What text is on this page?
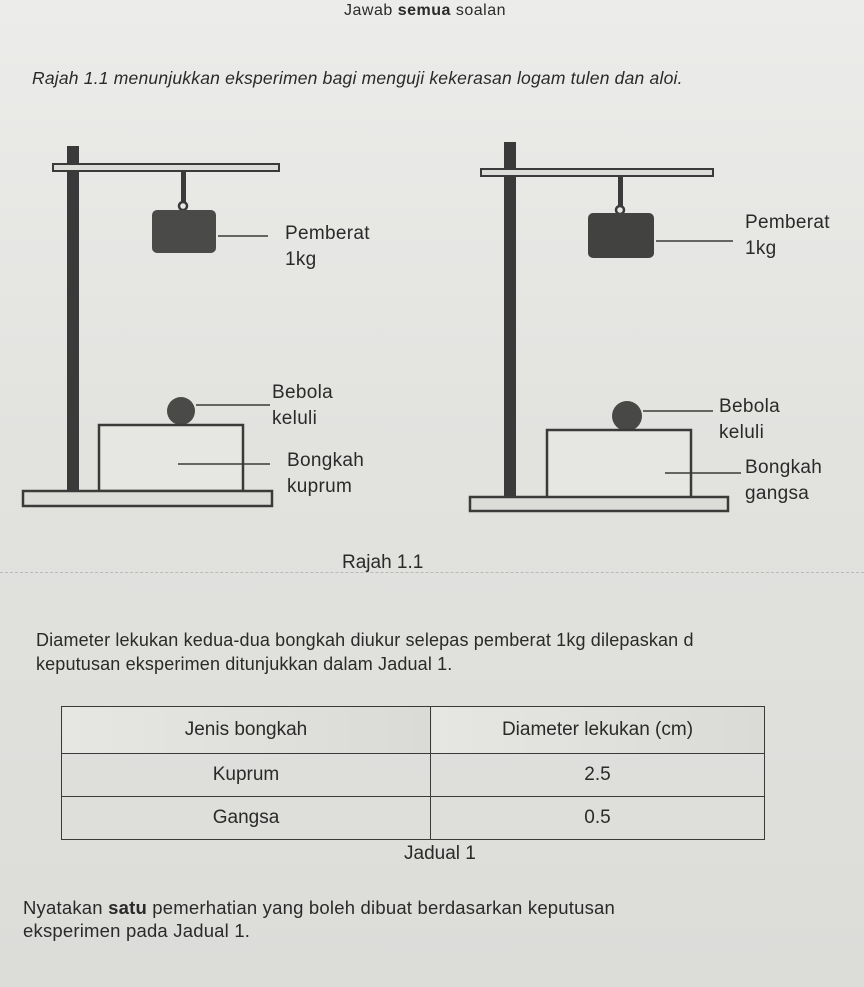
Jawab semua soalan
Rajah 1.1 menunjukkan eksperimen bagi menguji kekerasan logam tulen dan aloi.
Pemberat
1kg
Bebola
keluli
Bongkah
kuprum
Pemberat
1kg
Bebola
keluli
Bongkah
gangsa
Rajah 1.1
Diameter lekukan kedua-dua bongkah diukur selepas pemberat 1kg dilepaskan d
keputusan eksperimen ditunjukkan dalam Jadual 1.
Jenis bongkah	Diameter lekukan (cm)
Kuprum	2.5
Gangsa	0.5
Jadual 1
Nyatakan satu pemerhatian yang boleh dibuat berdasarkan keputusan
eksperimen pada Jadual 1.
